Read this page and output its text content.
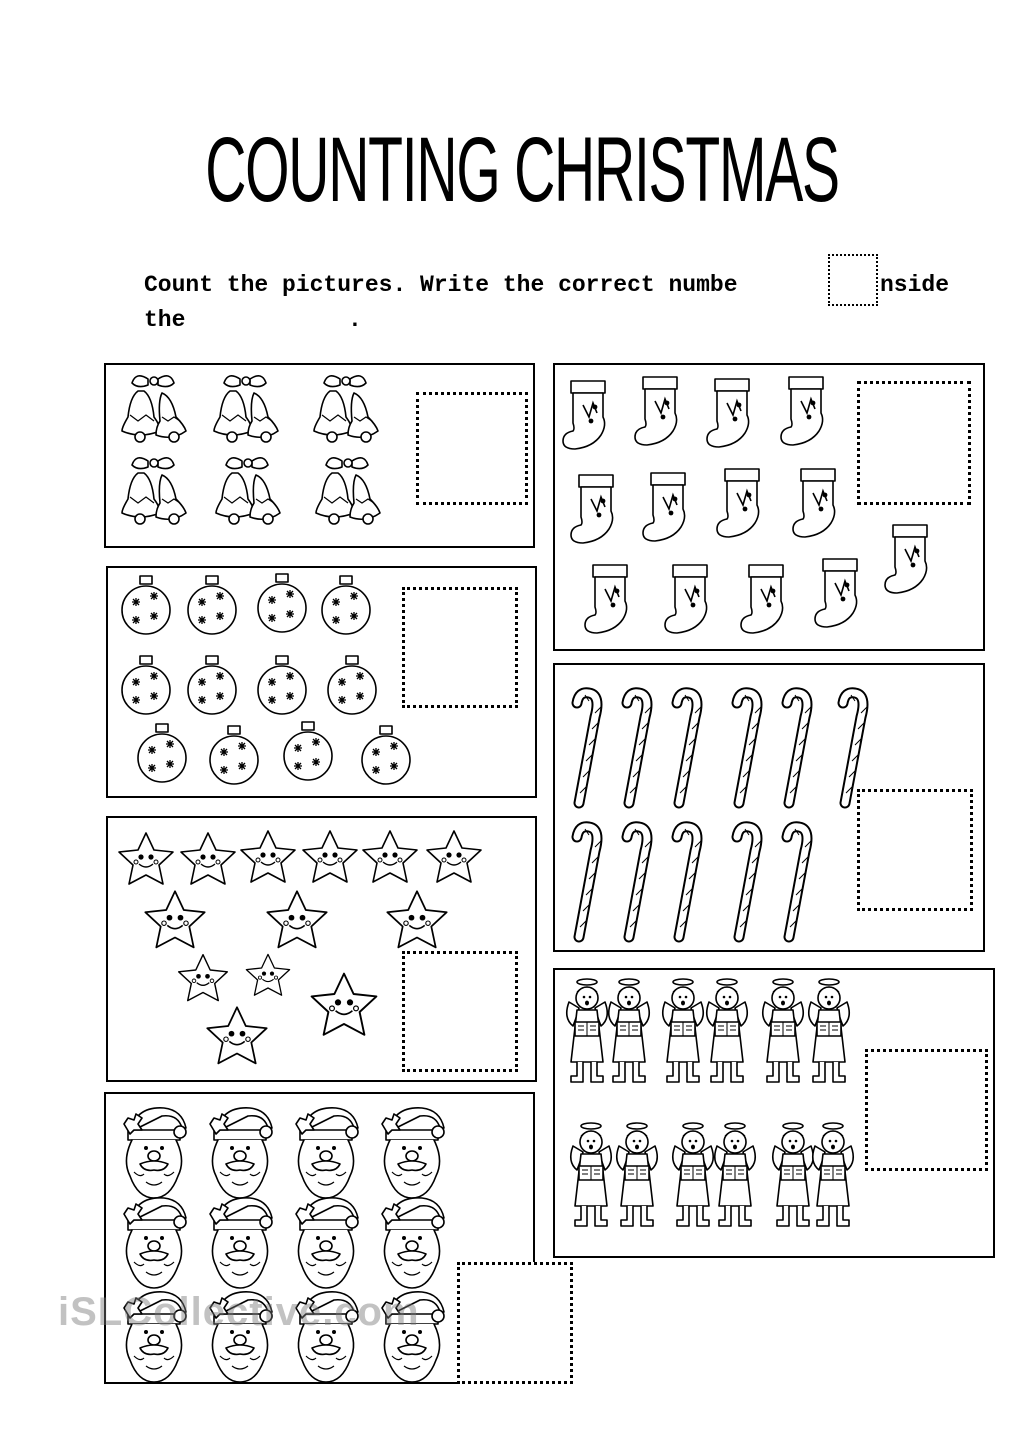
COUNTING CHRISTMAS
Count the pictures. Write the correct numbe	nside
the	.
iSLCollective.com
